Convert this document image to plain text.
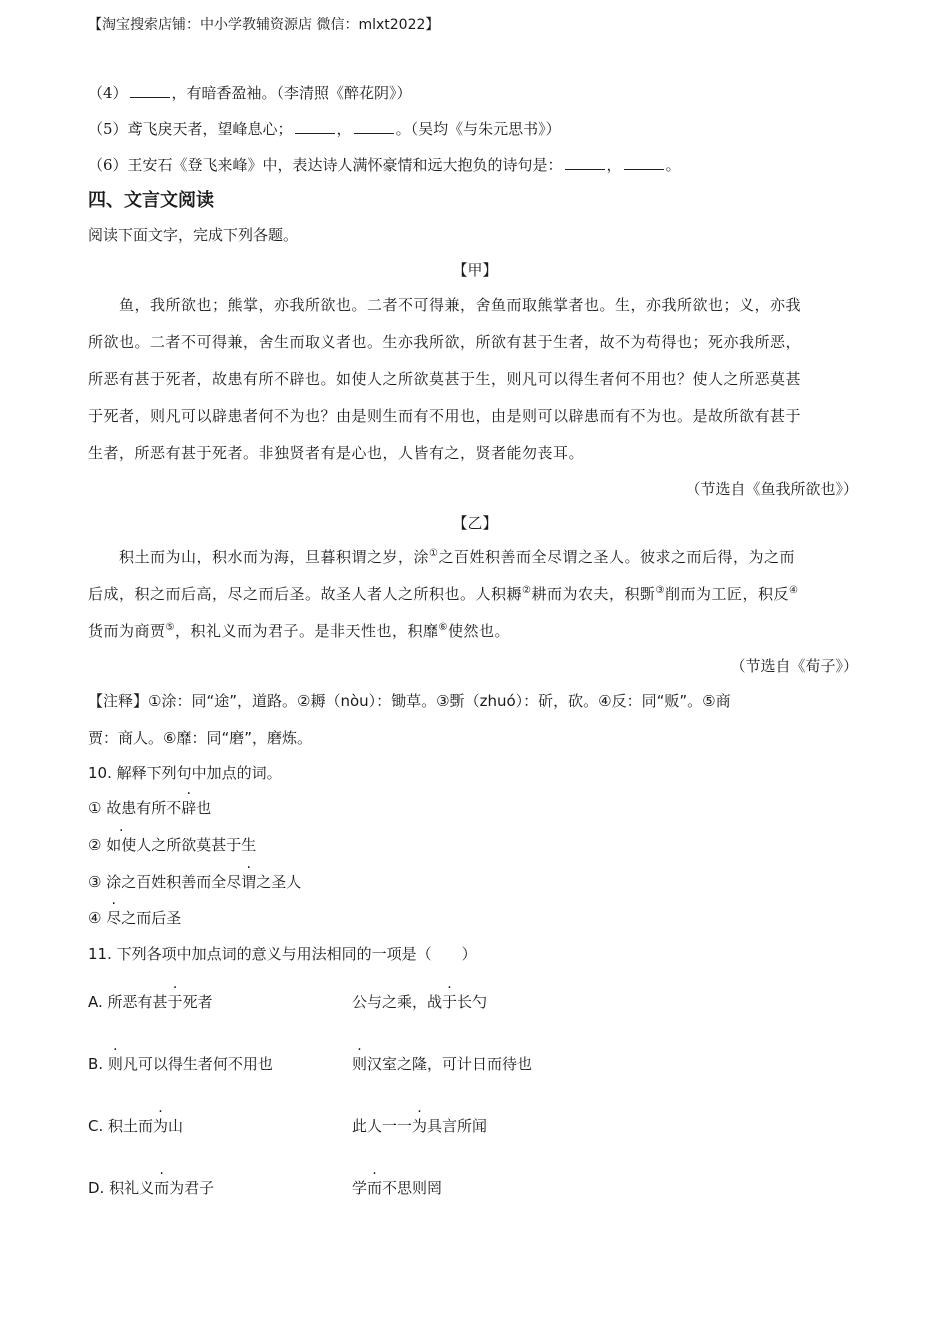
【淘宝搜索店铺：中小学教辅资源店 微信：mlxt2022】
（4）	，有暗香盈袖。（李清照《醉花阴》）
（5）鸢飞戾天者，望峰息心；	，	。（吴均《与朱元思书》）
（6）王安石《登飞来峰》中，表达诗人满怀豪情和远大抱负的诗句是：	，	。
四、文言文阅读
阅读下面文字，完成下列各题。
【甲】
　　鱼，我所欲也；熊掌，亦我所欲也。二者不可得兼，舍鱼而取熊掌者也。生，亦我所欲也；义，亦我
所欲也。二者不可得兼，舍生而取义者也。生亦我所欲，所欲有甚于生者，故不为苟得也；死亦我所恶，
所恶有甚于死者，故患有所不辟也。如使人之所欲莫甚于生，则凡可以得生者何不用也？使人之所恶莫甚
于死者，则凡可以辟患者何不为也？由是则生而有不用也，由是则可以辟患而有不为也。是故所欲有甚于
生者，所恶有甚于死者。非独贤者有是心也，人皆有之，贤者能勿丧耳。
（节选自《鱼我所欲也》）
【乙】
　　积土而为山，积水而为海，旦暮积谓之岁，涂①之百姓积善而全尽谓之圣人。彼求之而后得，为之而
后成，积之而后高，尽之而后圣。故圣人者人之所积也。人积耨②耕而为农夫，积斲③削而为工匠，积反④
货而为商贾⑤，积礼义而为君子。是非天性也，积靡⑥使然也。
（节选自《荀子》）
【注释】①涂：同“途”，道路。②耨（nòu）：锄草。③斲（zhuó）：斫，砍。④反：同“贩”。⑤商
贾：商人。⑥靡：同“磨”，磨炼。
10. 解释下列句中加点的词。
① 故患有所不辟也
② 如使人之所欲莫甚于生
③ 涂之百姓积善而全尽谓之圣人
④ 尽之而后圣
11. 下列各项中加点词的意义与用法相同的一项是（　　）
A. 所恶有甚于死者	公与之乘，战于长勺
B. 则凡可以得生者何不用也	则汉室之隆，可计日而待也
C. 积土而为山	此人一一为具言所闻
D. 积礼义而为君子	学而不思则罔
